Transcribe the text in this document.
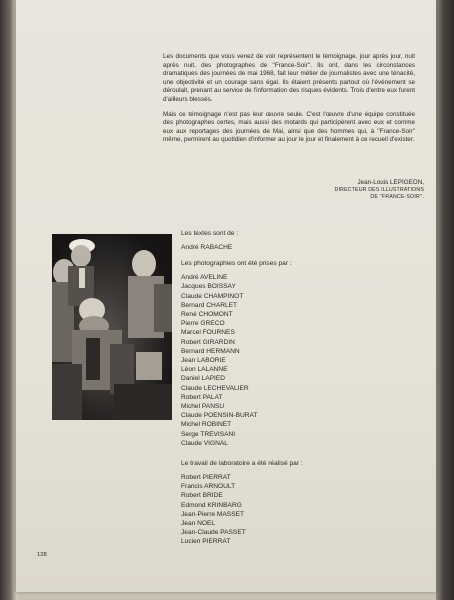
Les documents que vous venez de voir représentent le témoignage, jour après jour, nuit après nuit, des photographes de ''France-Soir''. Ils ont, dans les circonstances dramatiques des journées de mai 1968, fait leur métier de journalistes avec une ténacité, une objectivité et un courage sans égal. Ils étaient présents partout où l'événement se déroulait, prenant au service de l'information des risques évidents. Trois d'entre eux furent d'ailleurs blessés.

Mais ce témoignage n'est pas leur œuvre seule. C'est l'œuvre d'une équipe constituée des photographes certes, mais aussi des motards qui participèrent avec eux et comme eux aux reportages des journées de Mai, ainsi que des hommes qui, à ''France-Soir'' même, permirent au quotidien d'informer au jour le jour et finalement à ce recueil d'exister.

Jean-Louis LEPIGEON,
DIRECTEUR DES ILLUSTRATIONS
DE ''FRANCE-SOIR''.
Les textes sont de :
André RABACHE
Les photographies ont été prises par :
André AVELINE
Jacques BOISSAY
Claude CHAMPINOT
Bernard CHARLET
René CHOMONT
Pierre GRECO
Marcel FOURNES
Robert GIRARDIN
Bernard HERMANN
Jean LABORIE
Léon LALANNE
Daniel LAPIED
Claude LECHEVALIER
Robert PALAT
Michel PANSU
Claude POENSIN-BURAT
Michel ROBINET
Serge TREVISANI
Claude VIGNAL
Le travail de laboratoire a été réalisé par :
Robert PIERRAT
Francis ARNOULT
Robert BRIDE
Edmond KRINBARG
Jean-Pierre MASSET
Jean NOEL
Jean-Claude PASSET
Lucien PIERRAT
128
